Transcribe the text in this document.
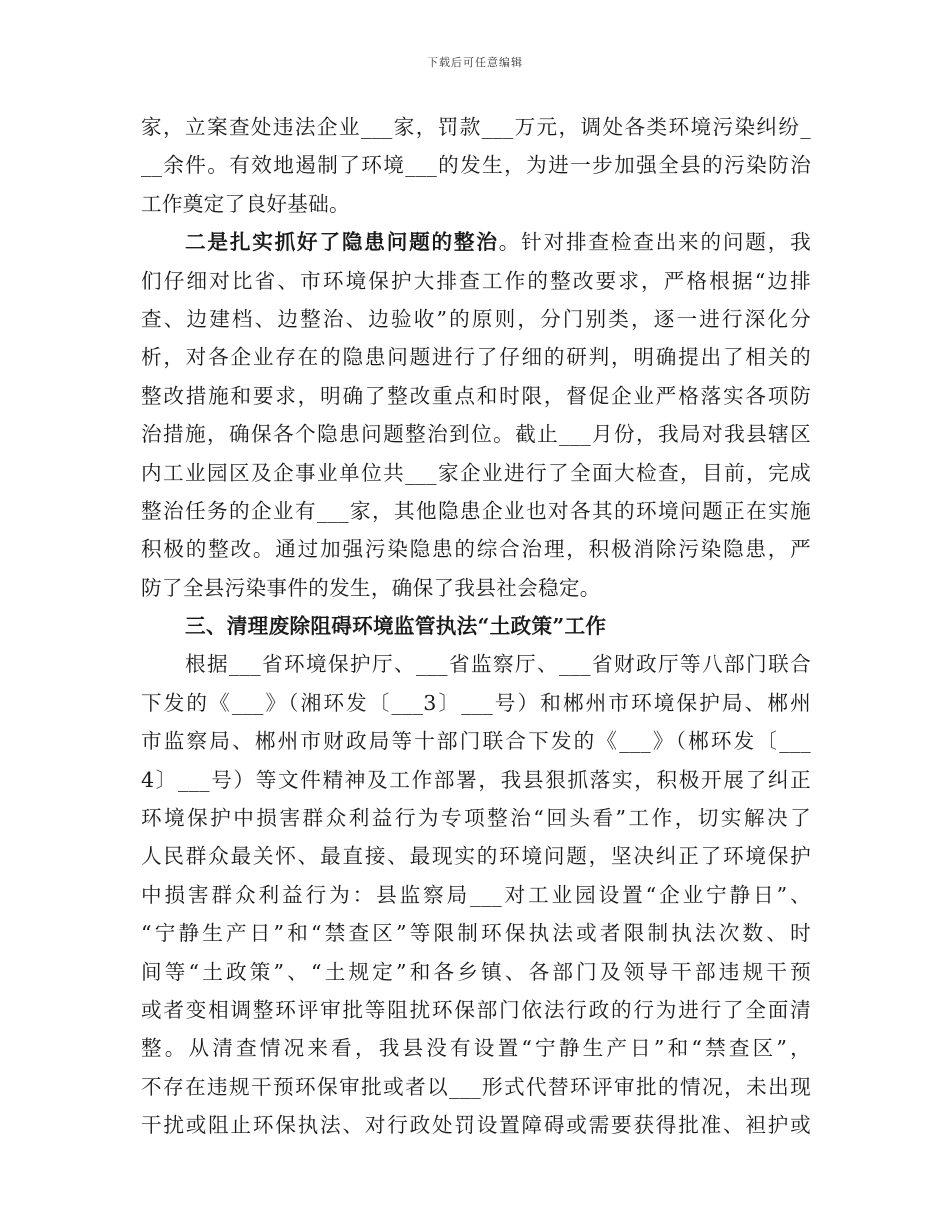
下载后可任意编辑
家，立案查处违法企业___家，罚款___万元，调处各类环境污染纠纷_
__余件。有效地遏制了环境___的发生，为进一步加强全县的污染防治
工作奠定了良好基础。
二是扎实抓好了隐患问题的整治。针对排查检查出来的问题，我
们仔细对比省、市环境保护大排查工作的整改要求，严格根据“边排
查、边建档、边整治、边验收”的原则，分门别类，逐一进行深化分
析，对各企业存在的隐患问题进行了仔细的研判，明确提出了相关的
整改措施和要求，明确了整改重点和时限，督促企业严格落实各项防
治措施，确保各个隐患问题整治到位。截止___月份，我局对我县辖区
内工业园区及企事业单位共___家企业进行了全面大检查，目前，完成
整治任务的企业有___家，其他隐患企业也对各其的环境问题正在实施
积极的整改。通过加强污染隐患的综合治理，积极消除污染隐患，严
防了全县污染事件的发生，确保了我县社会稳定。
三、清理废除阻碍环境监管执法“土政策”工作
根据___省环境保护厅、___省监察厅、___省财政厅等八部门联合
下发的《___》（湘环发〔___3〕___号）和郴州市环境保护局、郴州
市监察局、郴州市财政局等十部门联合下发的《___》（郴环发〔___
4〕___号）等文件精神及工作部署，我县狠抓落实，积极开展了纠正
环境保护中损害群众利益行为专项整治“回头看”工作，切实解决了
人民群众最关怀、最直接、最现实的环境问题，坚决纠正了环境保护
中损害群众利益行为：县监察局___对工业园设置“企业宁静日”、
“宁静生产日”和“禁查区”等限制环保执法或者限制执法次数、时
间等“土政策”、“土规定”和各乡镇、各部门及领导干部违规干预
或者变相调整环评审批等阻扰环保部门依法行政的行为进行了全面清
整。从清查情况来看，我县没有设置“宁静生产日”和“禁查区”，
不存在违规干预环保审批或者以___形式代替环评审批的情况，未出现
干扰或阻止环保执法、对行政处罚设置障碍或需要获得批准、袒护或
